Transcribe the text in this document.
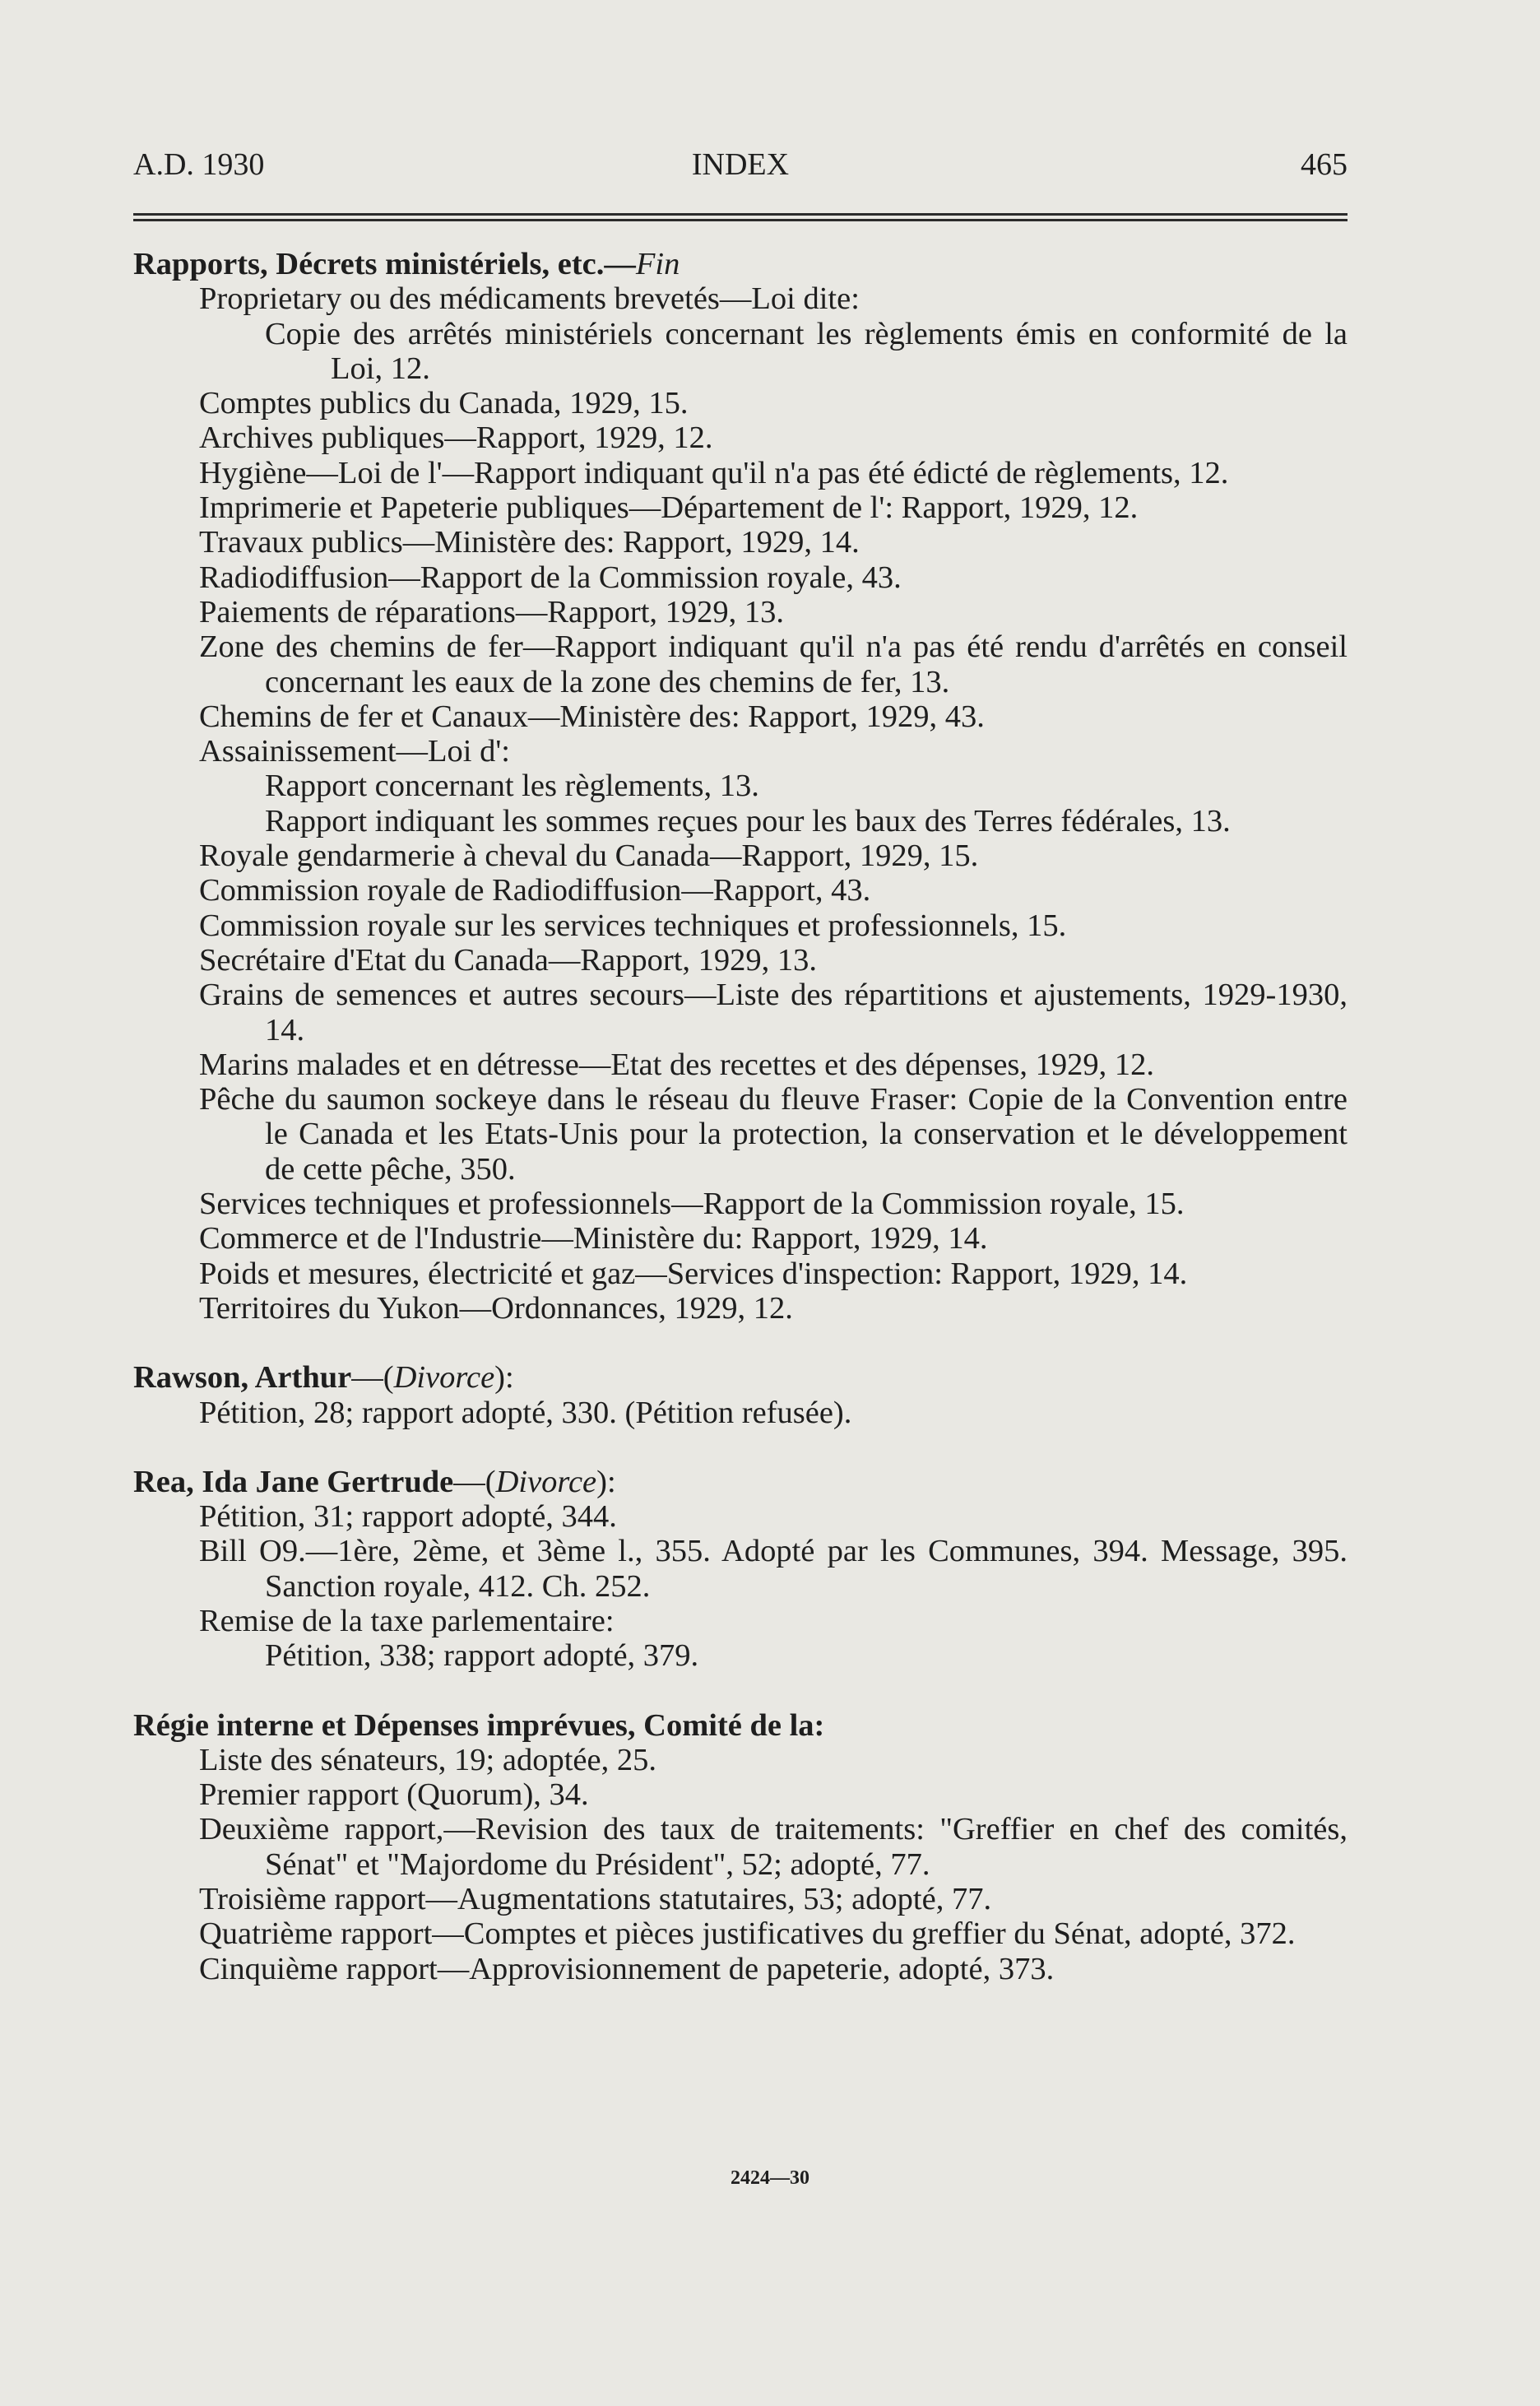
A.D. 1930	INDEX	465
Rapports, Décrets ministériels, etc.—Fin
Proprietary ou des médicaments brevetés—Loi dite:
Copie des arrêtés ministériels concernant les règlements émis en conformité de la Loi, 12.
Comptes publics du Canada, 1929, 15.
Archives publiques—Rapport, 1929, 12.
Hygiène—Loi de l'—Rapport indiquant qu'il n'a pas été édicté de règlements, 12.
Imprimerie et Papeterie publiques—Département de l': Rapport, 1929, 12.
Travaux publics—Ministère des: Rapport, 1929, 14.
Radiodiffusion—Rapport de la Commission royale, 43.
Paiements de réparations—Rapport, 1929, 13.
Zone des chemins de fer—Rapport indiquant qu'il n'a pas été rendu d'arrêtés en conseil concernant les eaux de la zone des chemins de fer, 13.
Chemins de fer et Canaux—Ministère des: Rapport, 1929, 43.
Assainissement—Loi d':
Rapport concernant les règlements, 13.
Rapport indiquant les sommes reçues pour les baux des Terres fédérales, 13.
Royale gendarmerie à cheval du Canada—Rapport, 1929, 15.
Commission royale de Radiodiffusion—Rapport, 43.
Commission royale sur les services techniques et professionnels, 15.
Secrétaire d'Etat du Canada—Rapport, 1929, 13.
Grains de semences et autres secours—Liste des répartitions et ajustements, 1929-1930, 14.
Marins malades et en détresse—Etat des recettes et des dépenses, 1929, 12.
Pêche du saumon sockeye dans le réseau du fleuve Fraser: Copie de la Convention entre le Canada et les Etats-Unis pour la protection, la conservation et le développement de cette pêche, 350.
Services techniques et professionnels—Rapport de la Commission royale, 15.
Commerce et de l'Industrie—Ministère du: Rapport, 1929, 14.
Poids et mesures, électricité et gaz—Services d'inspection: Rapport, 1929, 14.
Territoires du Yukon—Ordonnances, 1929, 12.
Rawson, Arthur—(Divorce):
Pétition, 28; rapport adopté, 330. (Pétition refusée).
Rea, Ida Jane Gertrude—(Divorce):
Pétition, 31; rapport adopté, 344.
Bill O9.—1ère, 2ème, et 3ème l., 355. Adopté par les Communes, 394. Message, 395. Sanction royale, 412. Ch. 252.
Remise de la taxe parlementaire:
Pétition, 338; rapport adopté, 379.
Régie interne et Dépenses imprévues, Comité de la:
Liste des sénateurs, 19; adoptée, 25.
Premier rapport (Quorum), 34.
Deuxième rapport,—Revision des taux de traitements: "Greffier en chef des comités, Sénat" et "Majordome du Président", 52; adopté, 77.
Troisième rapport—Augmentations statutaires, 53; adopté, 77.
Quatrième rapport—Comptes et pièces justificatives du greffier du Sénat, adopté, 372.
Cinquième rapport—Approvisionnement de papeterie, adopté, 373.
2424—30
